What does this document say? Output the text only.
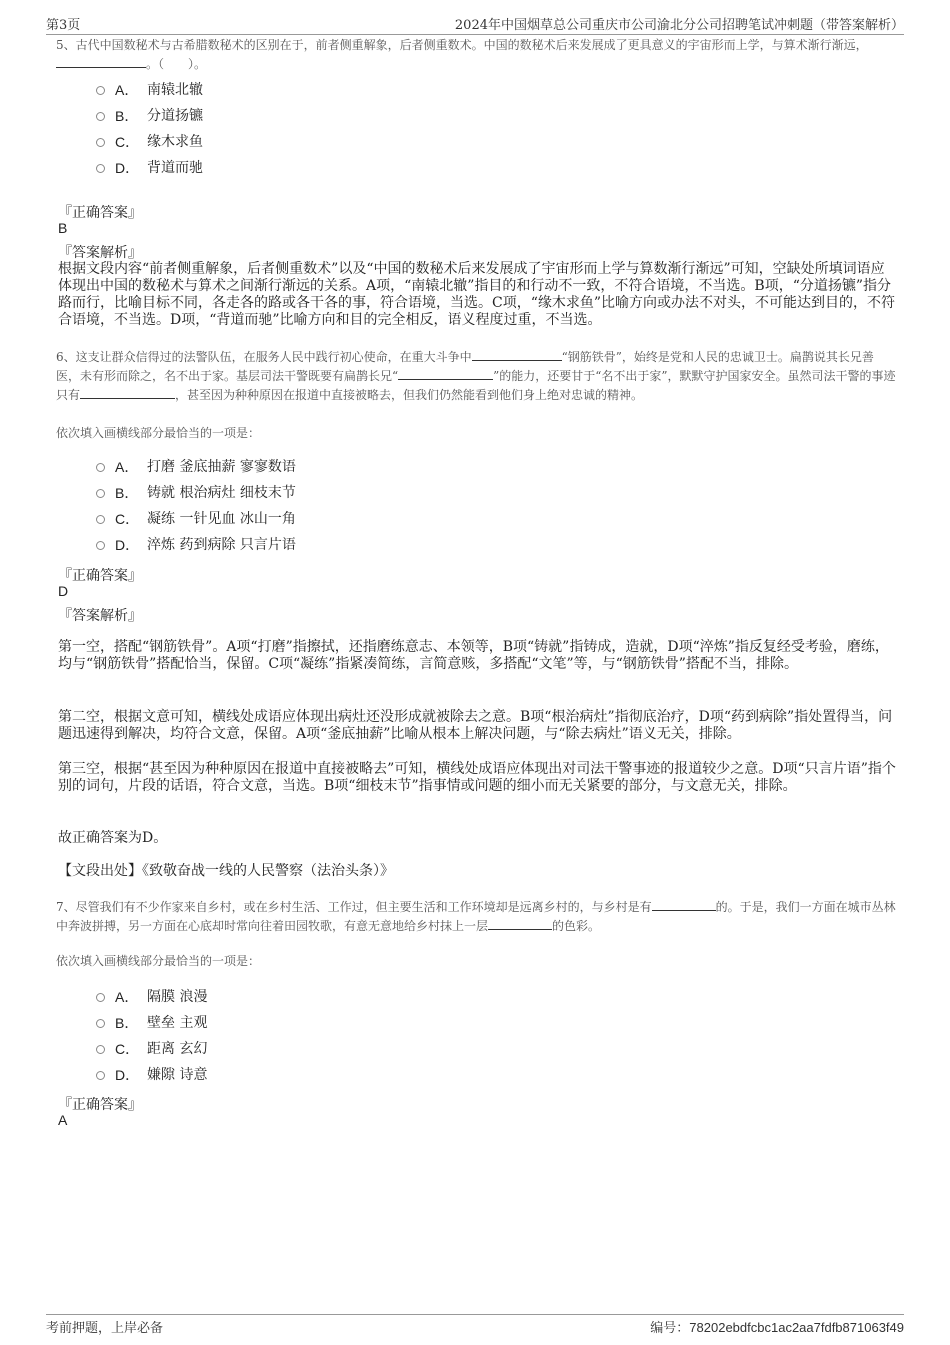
第3页	2024年中国烟草总公司重庆市公司渝北分公司招聘笔试冲刺题（带答案解析）
5、古代中国数秘术与古希腊数秘术的区别在于，前者侧重解象，后者侧重数术。中国的数秘术后来发展成了更具意义的宇宙形而上学，与算术渐行渐远，。（　　）。
A． 南辕北辙
B． 分道扬镳
C． 缘木求鱼
D． 背道而驰
『正确答案』
B
『答案解析』
根据文段内容“前者侧重解象，后者侧重数术”以及“中国的数秘术后来发展成了宇宙形而上学与算数渐行渐远”可知，空缺处所填词语应体现出中国的数秘术与算术之间渐行渐远的关系。A项，“南辕北辙”指目的和行动不一致，不符合语境，不当选。B项，“分道扬镳”指分路而行，比喻目标不同，各走各的路或各干各的事，符合语境，当选。C项，“缘木求鱼”比喻方向或办法不对头，不可能达到目的，不符合语境，不当选。D项，“背道而驰”比喻方向和目的完全相反，语义程度过重，不当选。
6、这支让群众信得过的法警队伍，在服务人民中践行初心使命，在重大斗争中	“钢筋铁骨”，始终是党和人民的忠诚卫士。扁鹊说其长兄善医，未有形而除之，名不出于家。基层司法干警既要有扁鹊长兄“	”的能力，还要甘于“名不出于家”，默默守护国家安全。虽然司法干警的事迹只有	，甚至因为种种原因在报道中直接被略去，但我们仍然能看到他们身上绝对忠诚的精神。
依次填入画横线部分最恰当的一项是：
A． 打磨 釜底抽薪 寥寥数语
B． 铸就 根治病灶 细枝末节
C． 凝练 一针见血 冰山一角
D． 淬炼 药到病除 只言片语
『正确答案』
D
『答案解析』
第一空，搭配“钢筋铁骨”。A项“打磨”指擦拭，还指磨练意志、本领等，B项“铸就”指铸成，造就，D项“淬炼”指反复经受考验，磨练，均与“钢筋铁骨”搭配恰当，保留。C项“凝练”指紧凑简练，言简意赅，多搭配“文笔”等，与“钢筋铁骨”搭配不当，排除。
第二空，根据文意可知，横线处成语应体现出病灶还没形成就被除去之意。B项“根治病灶”指彻底治疗，D项“药到病除”指处置得当，问题迅速得到解决，均符合文意，保留。A项“釜底抽薪”比喻从根本上解决问题，与“除去病灶”语义无关，排除。
第三空，根据“甚至因为种种原因在报道中直接被略去”可知，横线处成语应体现出对司法干警事迹的报道较少之意。D项“只言片语”指个别的词句，片段的话语，符合文意，当选。B项“细枝末节”指事情或问题的细小而无关紧要的部分，与文意无关，排除。
故正确答案为D。
【文段出处】《致敬奋战一线的人民警察（法治头条）》
7、尽管我们有不少作家来自乡村，或在乡村生活、工作过，但主要生活和工作环境却是远离乡村的，与乡村是有	的。于是，我们一方面在城市丛林中奔波拼搏，另一方面在心底却时常向往着田园牧歌，有意无意地给乡村抹上一层	的色彩。
依次填入画横线部分最恰当的一项是：
A． 隔膜 浪漫
B． 壁垒 主观
C． 距离 玄幻
D． 嫌隙 诗意
『正确答案』
A
考前押题，上岸必备	编号：78202ebdfcbc1ac2aa7fdfb871063f49
